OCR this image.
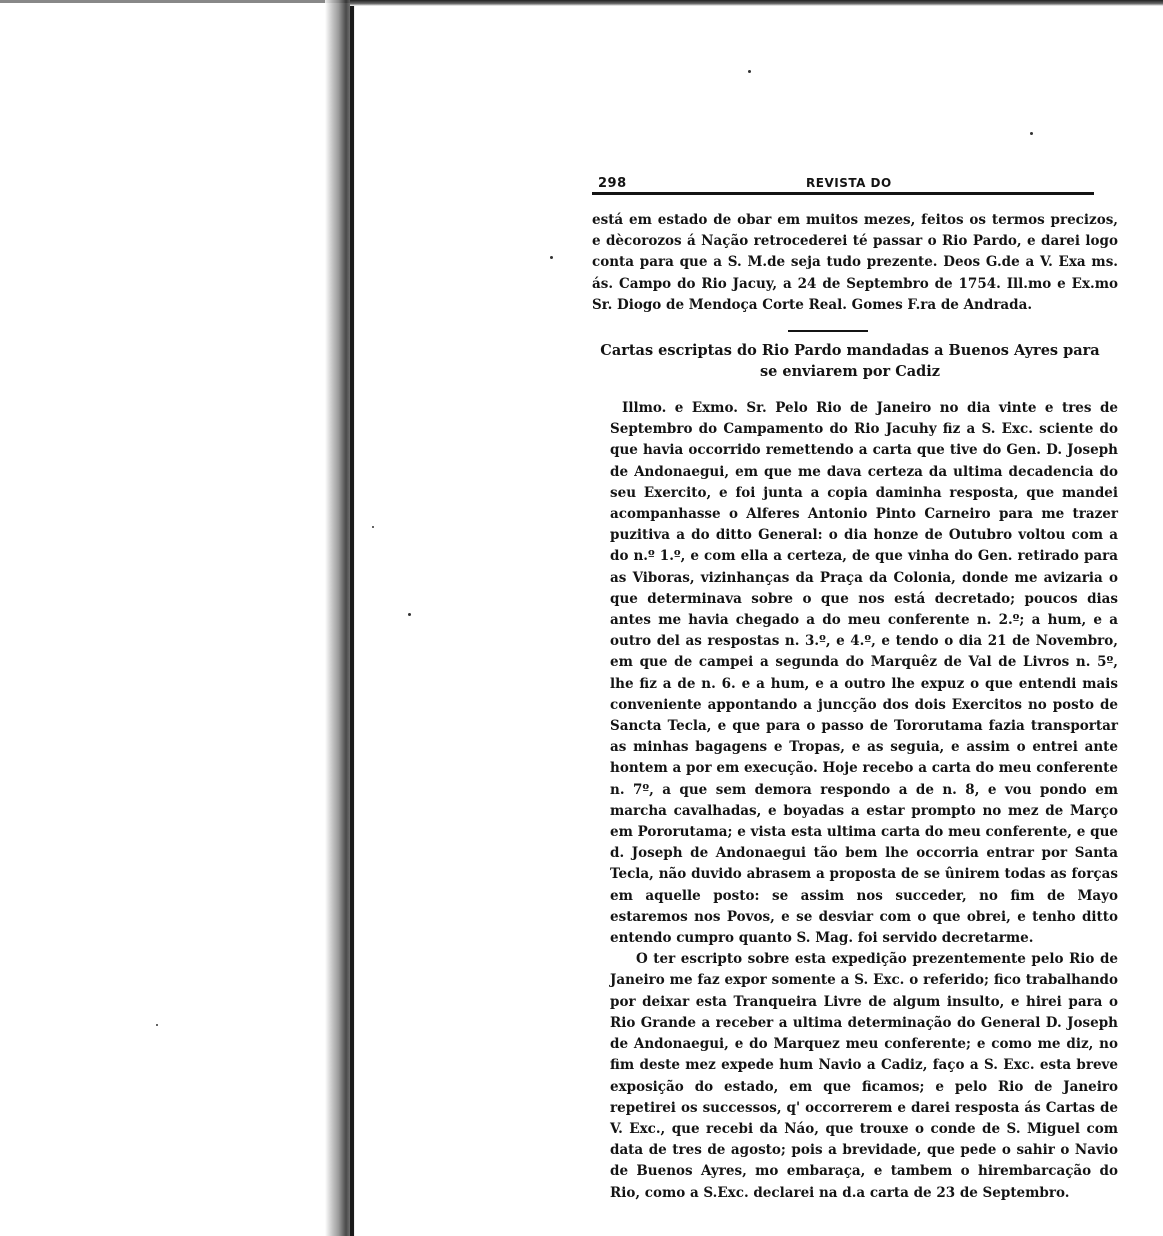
298	REVISTA DO

está em estado de obar em muitos mezes, feitos os termos precizos, e dècorozos á Nação retrocederei té passar o Rio Pardo, e darei logo conta para que a S. M.de seja tudo prezente. Deos G.de a V. Exa ms. ás. Campo do Rio Jacuy, a 24 de Septembro de 1754. Ill.mo e Ex.mo Sr. Diogo de Mendoça Corte Real. Gomes F.ra de Andrada.

Cartas escriptas do Rio Pardo mandadas a Buenos Ayres para se enviarem por Cadiz

Illmo. e Exmo. Sr. Pelo Rio de Janeiro no dia vinte e tres de Septembro do Campamento do Rio Jacuhy fiz a S. Exc. sciente do que havia occorrido remettendo a carta que tive do Gen. D. Joseph de Andonaegui, em que me dava certeza da ultima decadencia do seu Exercito, e foi junta a copia daminha resposta, que mandei acompanhasse o Alferes Antonio Pinto Carneiro para me trazer puzitiva a do ditto General: o dia honze de Outubro voltou com a do n.º 1.º, e com ella a certeza, de que vinha do Gen. retirado para as Viboras, vizinhanças da Praça da Colonia, donde me avizaria o que determinava sobre o que nos está decretado; poucos dias antes me havia chegado a do meu conferente n. 2.º; a hum, e a outro del as respostas n. 3.º, e 4.º, e tendo o dia 21 de Novembro, em que de campei a segunda do Marquêz de Val de Livros n. 5º, lhe fiz a de n. 6. e a hum, e a outro lhe expuz o que entendi mais conveniente appontando a juncção dos dois Exercitos no posto de Sancta Tecla, e que para o passo de Tororutama fazia transportar as minhas bagagens e Tropas, e as seguia, e assim o entrei ante hontem a por em execução. Hoje recebo a carta do meu conferente n. 7º, a que sem demora respondo a de n. 8, e vou pondo em marcha cavalhadas, e boyadas a estar prompto no mez de Março em Pororutama; e vista esta ultima carta do meu conferente, e que d. Joseph de Andonaegui tão bem lhe occorria entrar por Santa Tecla, não duvido abrasem a proposta de se ûnirem todas as forças em aquelle posto: se assim nos succeder, no fim de Mayo estaremos nos Povos, e se desviar com o que obrei, e tenho ditto entendo cumpro quanto S. Mag. foi servido decretarme.

O ter escripto sobre esta expedição prezentemente pelo Rio de Janeiro me faz expor somente a S. Exc. o referido; fico trabalhando por deixar esta Tranqueira Livre de algum insulto, e hirei para o Rio Grande a receber a ultima determinação do General D. Joseph de Andonaegui, e do Marquez meu conferente; e como me diz, no fim deste mez expede hum Navio a Cadiz, faço a S. Exc. esta breve exposição do estado, em que ficamos; e pelo Rio de Janeiro repetirei os successos, q' occorrerem e darei resposta ás Cartas de V. Exc., que recebi da Náo, que trouxe o conde de S. Miguel com data de tres de agosto; pois a brevidade, que pede o sahir o Navio de Buenos Ayres, mo embaraça, e tambem o hirembarcação do Rio, como a S.Exc. declarei na d.a carta de 23 de Septembro.
